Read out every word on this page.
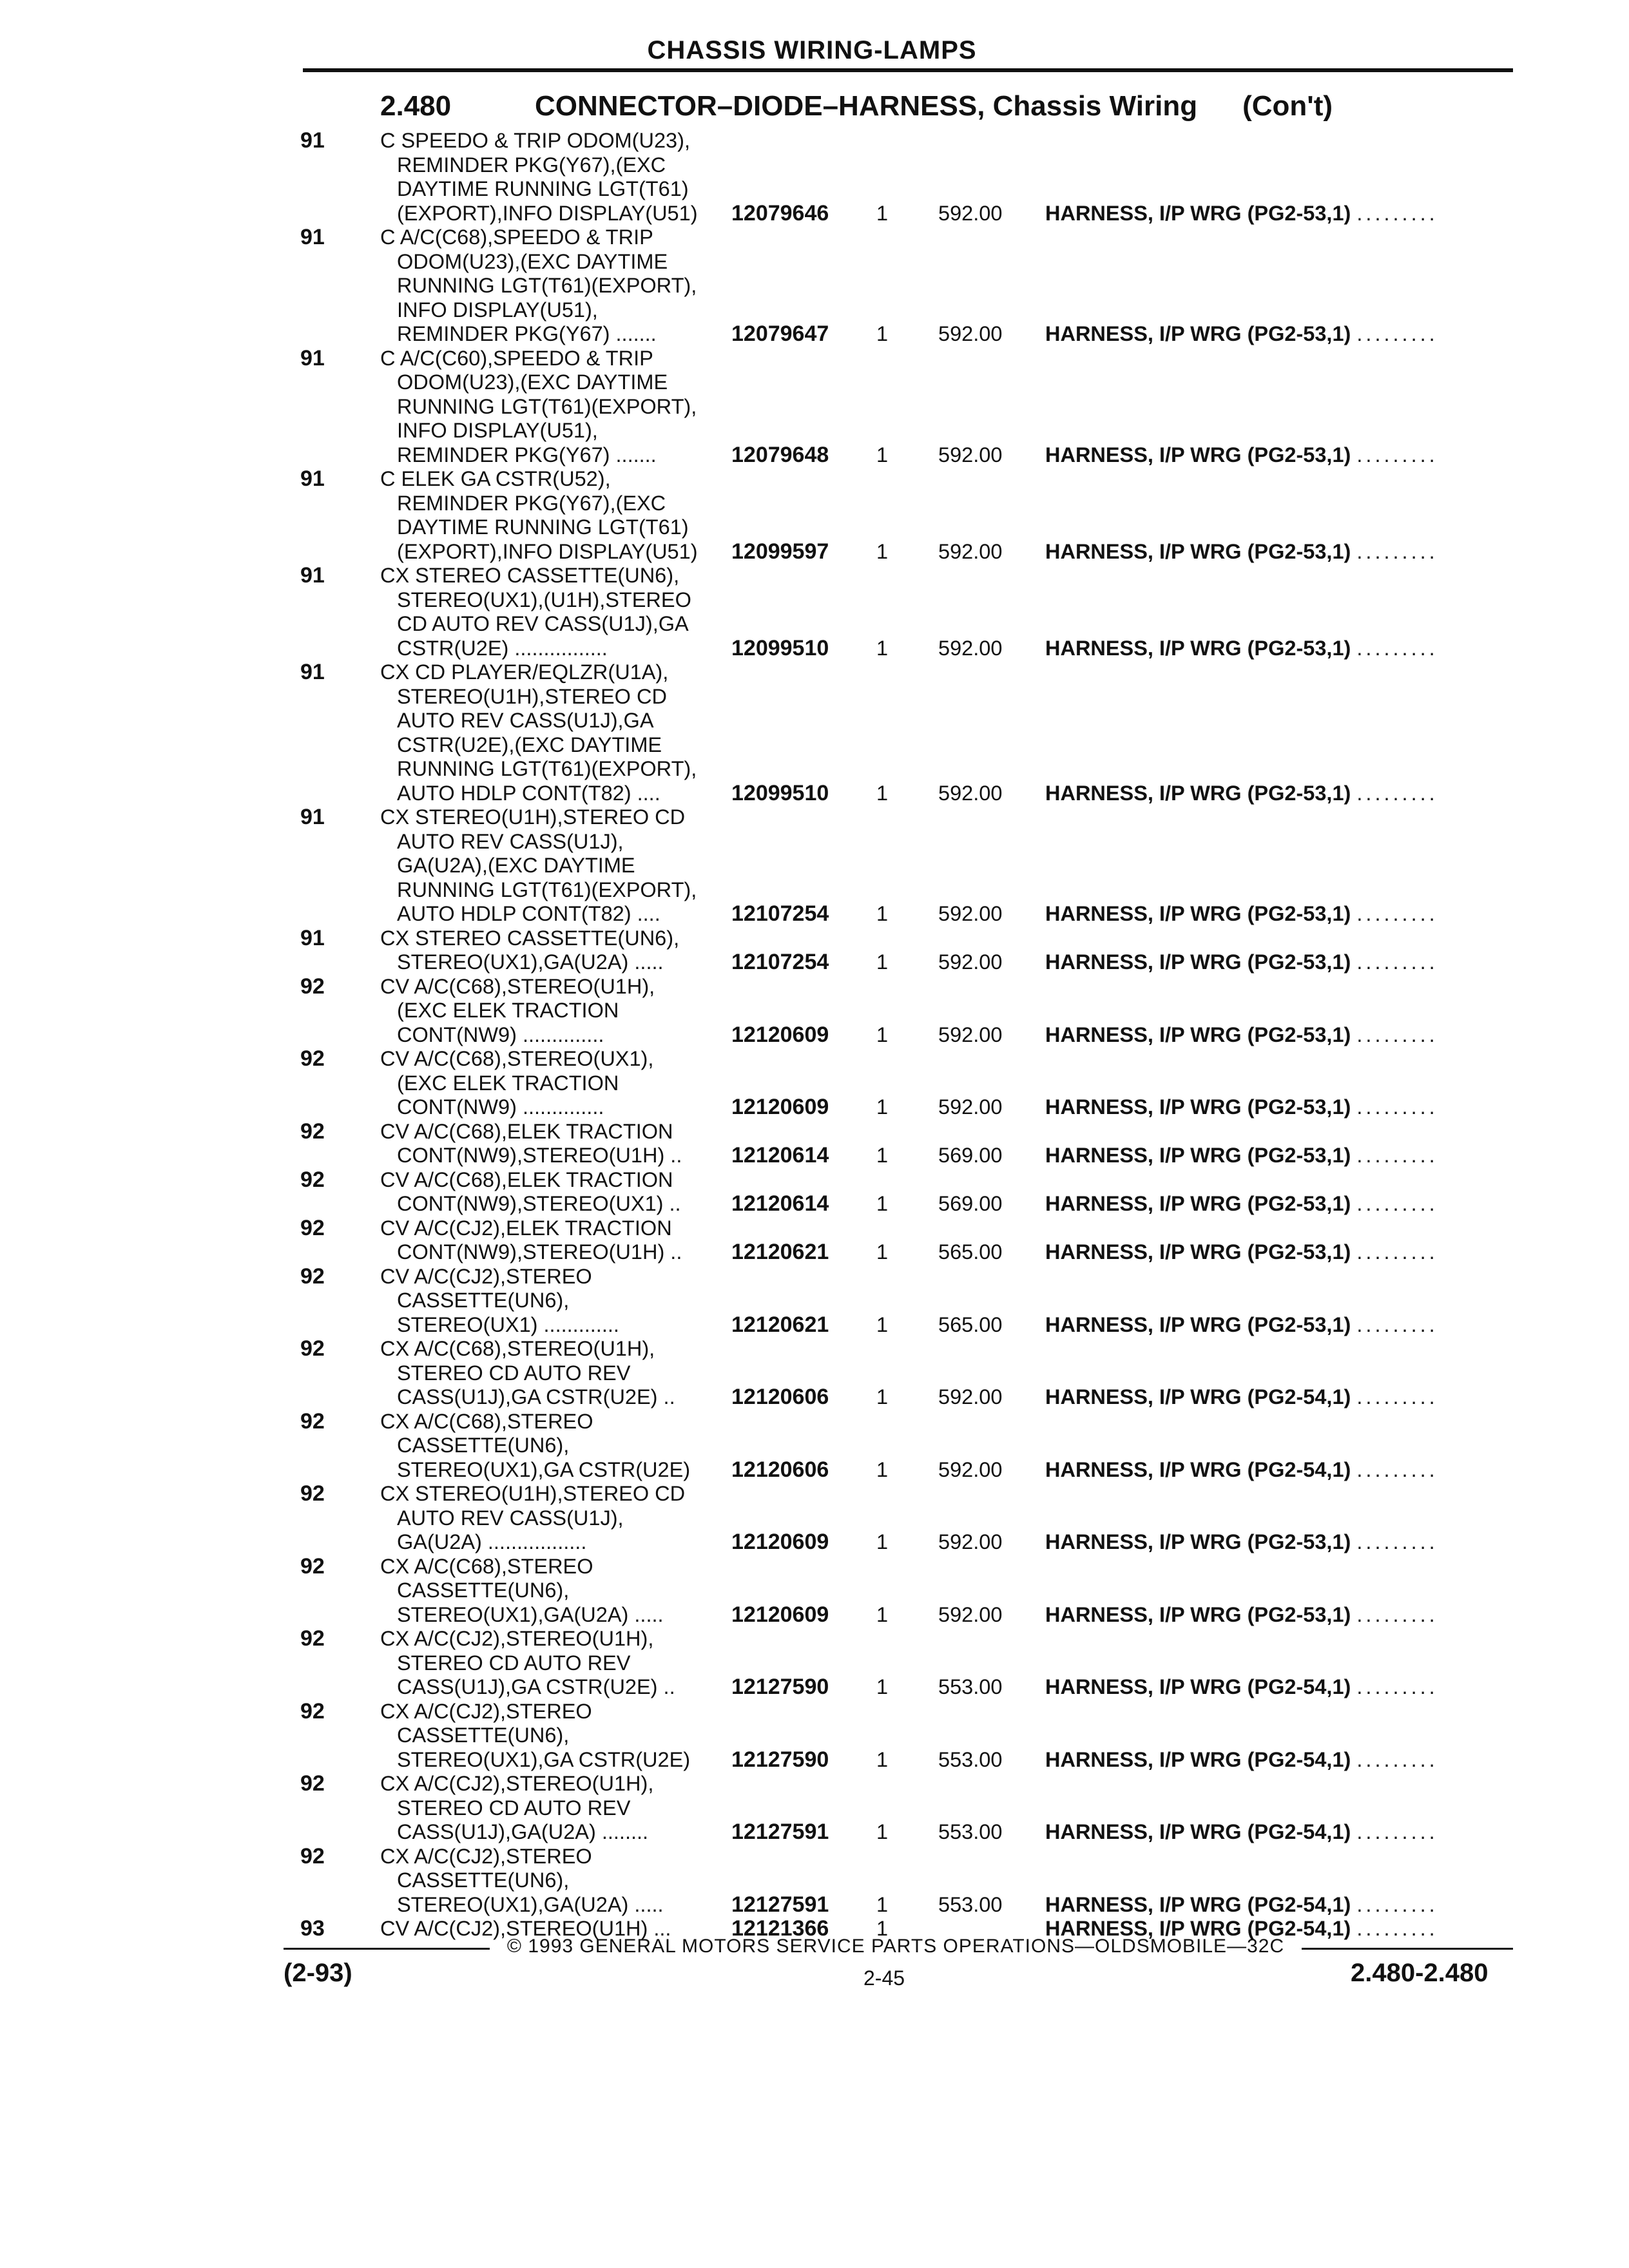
CHASSIS WIRING-LAMPS
2.480	CONNECTOR–DIODE–HARNESS, Chassis Wiring (Con't)
91	C SPEEDO & TRIP ODOM(U23),
REMINDER PKG(Y67),(EXC
DAYTIME RUNNING LGT(T61)
(EXPORT),INFO DISPLAY(U51)	12079646 1 592.00 HARNESS, I/P WRG (PG2-53,1) .........
91	C A/C(C68),SPEEDO & TRIP
ODOM(U23),(EXC DAYTIME
RUNNING LGT(T61)(EXPORT),
INFO DISPLAY(U51),
REMINDER PKG(Y67) .......	12079647 1 592.00 HARNESS, I/P WRG (PG2-53,1) .........
91	C A/C(C60),SPEEDO & TRIP
ODOM(U23),(EXC DAYTIME
RUNNING LGT(T61)(EXPORT),
INFO DISPLAY(U51),
REMINDER PKG(Y67) .......	12079648 1 592.00 HARNESS, I/P WRG (PG2-53,1) .........
91	C ELEK GA CSTR(U52),
REMINDER PKG(Y67),(EXC
DAYTIME RUNNING LGT(T61)
(EXPORT),INFO DISPLAY(U51)	12099597 1 592.00 HARNESS, I/P WRG (PG2-53,1) .........
91	CX STEREO CASSETTE(UN6),
STEREO(UX1),(U1H),STEREO
CD AUTO REV CASS(U1J),GA
CSTR(U2E) ................	12099510 1 592.00 HARNESS, I/P WRG (PG2-53,1) .........
91	CX CD PLAYER/EQLZR(U1A),
STEREO(U1H),STEREO CD
AUTO REV CASS(U1J),GA
CSTR(U2E),(EXC DAYTIME
RUNNING LGT(T61)(EXPORT),
AUTO HDLP CONT(T82) ....	12099510 1 592.00 HARNESS, I/P WRG (PG2-53,1) .........
91	CX STEREO(U1H),STEREO CD
AUTO REV CASS(U1J),
GA(U2A),(EXC DAYTIME
RUNNING LGT(T61)(EXPORT),
AUTO HDLP CONT(T82) ....	12107254 1 592.00 HARNESS, I/P WRG (PG2-53,1) .........
91	CX STEREO CASSETTE(UN6),
STEREO(UX1),GA(U2A) .....	12107254 1 592.00 HARNESS, I/P WRG (PG2-53,1) .........
92	CV A/C(C68),STEREO(U1H),
(EXC ELEK TRACTION
CONT(NW9) ..............	12120609 1 592.00 HARNESS, I/P WRG (PG2-53,1) .........
92	CV A/C(C68),STEREO(UX1),
(EXC ELEK TRACTION
CONT(NW9) ..............	12120609 1 592.00 HARNESS, I/P WRG (PG2-53,1) .........
92	CV A/C(C68),ELEK TRACTION
CONT(NW9),STEREO(U1H) ..	12120614 1 569.00 HARNESS, I/P WRG (PG2-53,1) .........
92	CV A/C(C68),ELEK TRACTION
CONT(NW9),STEREO(UX1) ..	12120614 1 569.00 HARNESS, I/P WRG (PG2-53,1) .........
92	CV A/C(CJ2),ELEK TRACTION
CONT(NW9),STEREO(U1H) ..	12120621 1 565.00 HARNESS, I/P WRG (PG2-53,1) .........
92	CV A/C(CJ2),STEREO
CASSETTE(UN6),
STEREO(UX1) .............	12120621 1 565.00 HARNESS, I/P WRG (PG2-53,1) .........
92	CX A/C(C68),STEREO(U1H),
STEREO CD AUTO REV
CASS(U1J),GA CSTR(U2E) ..	12120606 1 592.00 HARNESS, I/P WRG (PG2-54,1) .........
92	CX A/C(C68),STEREO
CASSETTE(UN6),
STEREO(UX1),GA CSTR(U2E)	12120606 1 592.00 HARNESS, I/P WRG (PG2-54,1) .........
92	CX STEREO(U1H),STEREO CD
AUTO REV CASS(U1J),
GA(U2A) .................	12120609 1 592.00 HARNESS, I/P WRG (PG2-53,1) .........
92	CX A/C(C68),STEREO
CASSETTE(UN6),
STEREO(UX1),GA(U2A) .....	12120609 1 592.00 HARNESS, I/P WRG (PG2-53,1) .........
92	CX A/C(CJ2),STEREO(U1H),
STEREO CD AUTO REV
CASS(U1J),GA CSTR(U2E) ..	12127590 1 553.00 HARNESS, I/P WRG (PG2-54,1) .........
92	CX A/C(CJ2),STEREO
CASSETTE(UN6),
STEREO(UX1),GA CSTR(U2E)	12127590 1 553.00 HARNESS, I/P WRG (PG2-54,1) .........
92	CX A/C(CJ2),STEREO(U1H),
STEREO CD AUTO REV
CASS(U1J),GA(U2A) ........	12127591 1 553.00 HARNESS, I/P WRG (PG2-54,1) .........
92	CX A/C(CJ2),STEREO
CASSETTE(UN6),
STEREO(UX1),GA(U2A) .....	12127591 1 553.00 HARNESS, I/P WRG (PG2-54,1) .........
93	CV A/C(CJ2),STEREO(U1H) ...	12121366 1	HARNESS, I/P WRG (PG2-54,1) .........
© 1993 GENERAL MOTORS SERVICE PARTS OPERATIONS—OLDSMOBILE—32C
(2-93)	2-45	2.480-2.480
